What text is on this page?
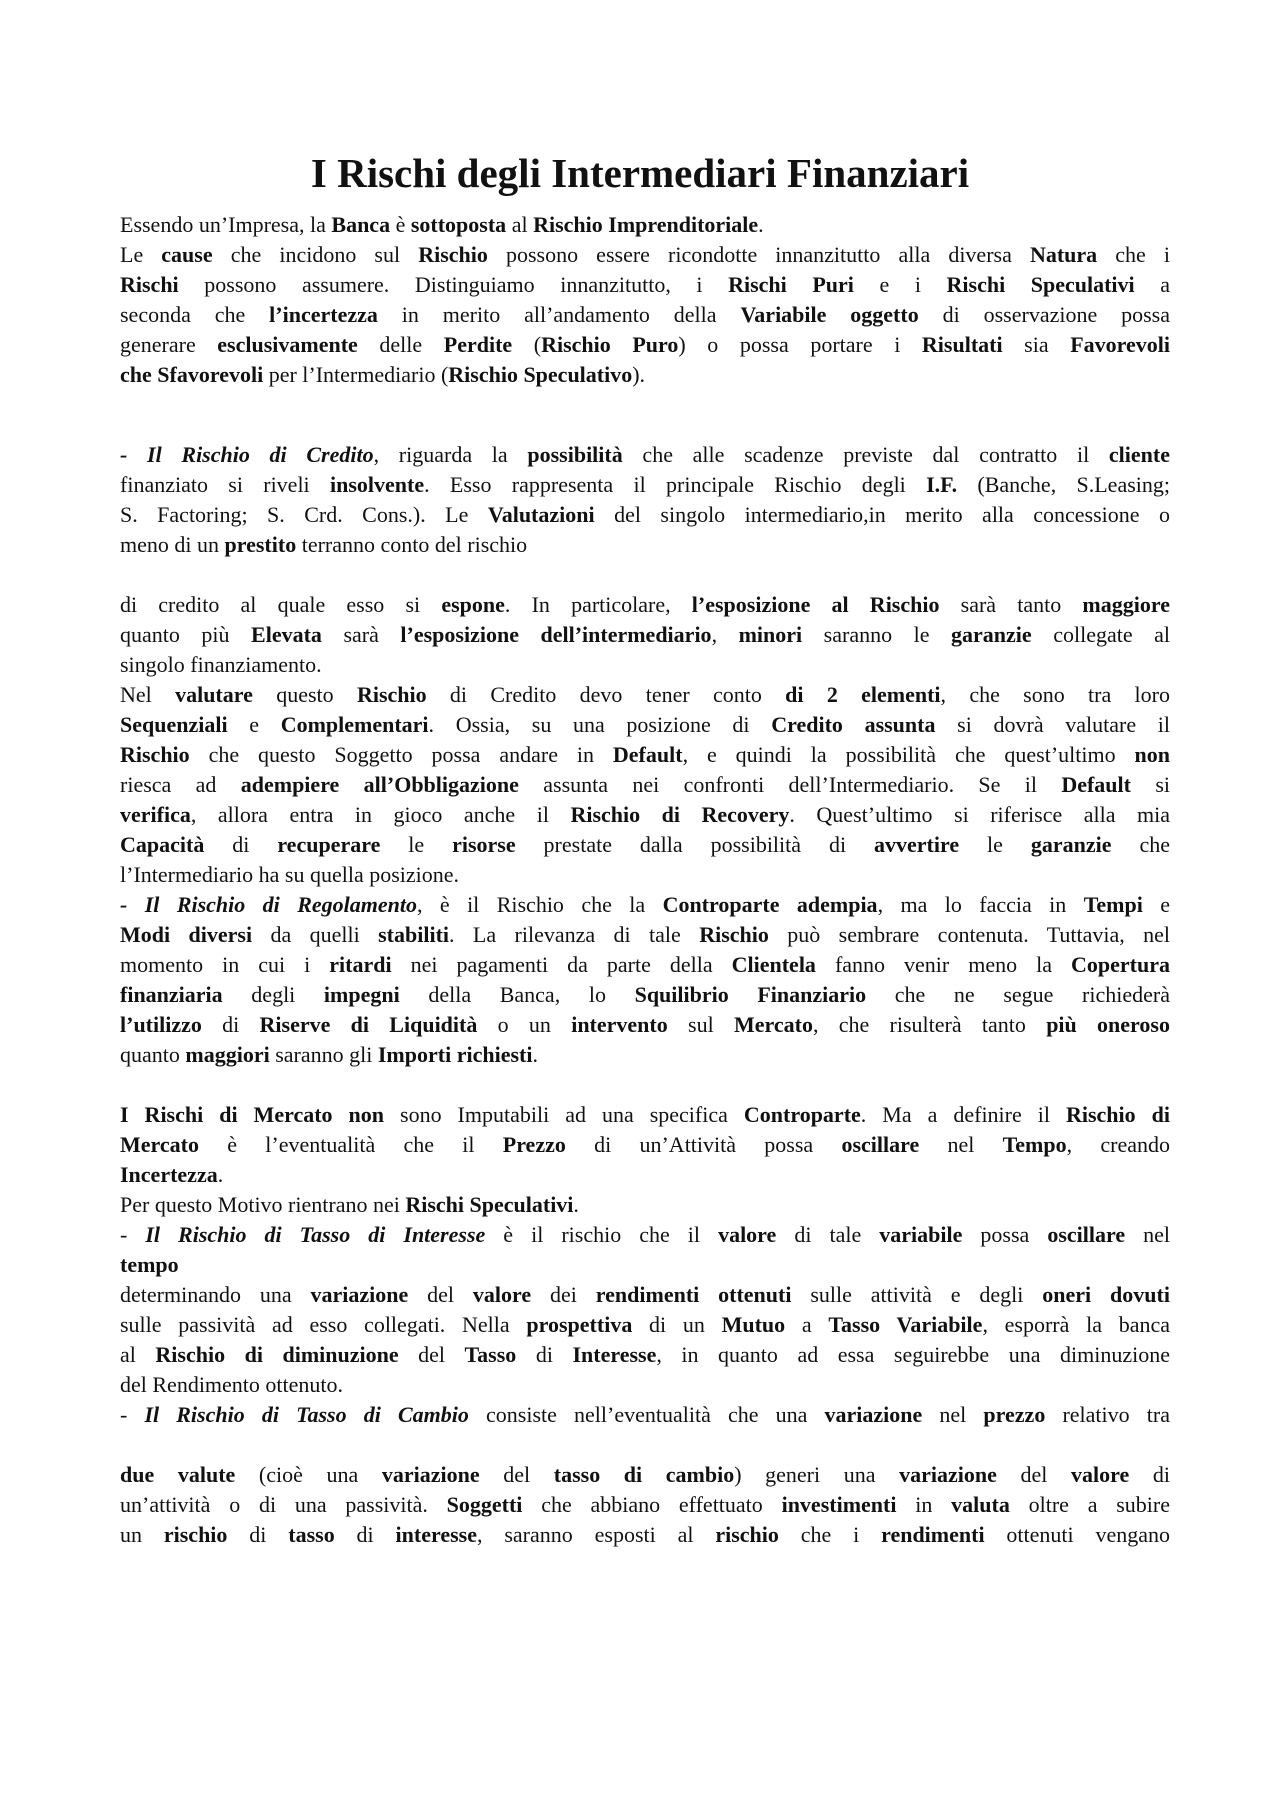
I Rischi degli Intermediari Finanziari
Essendo un’Impresa, la Banca è sottoposta al Rischio Imprenditoriale.
Le cause che incidono sul Rischio possono essere ricondotte innanzitutto alla diversa Natura che i
Rischi possono assumere. Distinguiamo innanzitutto, i Rischi Puri e i Rischi Speculativi a
seconda che l’incertezza in merito all’andamento della Variabile oggetto di osservazione possa
generare esclusivamente delle Perdite (Rischio Puro) o possa portare i Risultati sia Favorevoli
che Sfavorevoli per l’Intermediario (Rischio Speculativo).
- Il Rischio di Credito, riguarda la possibilità che alle scadenze previste dal contratto il cliente
finanziato si riveli insolvente. Esso rappresenta il principale Rischio degli I.F. (Banche, S.Leasing;
S. Factoring; S. Crd. Cons.). Le Valutazioni del singolo intermediario,in merito alla concessione o
meno di un prestito terranno conto del rischio
di credito al quale esso si espone. In particolare, l’esposizione al Rischio sarà tanto maggiore
quanto più Elevata sarà l’esposizione dell’intermediario, minori saranno le garanzie collegate al
singolo finanziamento.
Nel valutare questo Rischio di Credito devo tener conto di 2 elementi, che sono tra loro
Sequenziali e Complementari. Ossia, su una posizione di Credito assunta si dovrà valutare il
Rischio che questo Soggetto possa andare in Default, e quindi la possibilità che quest’ultimo non
riesca ad adempiere all’Obbligazione assunta nei confronti dell’Intermediario. Se il Default si
verifica, allora entra in gioco anche il Rischio di Recovery. Quest’ultimo si riferisce alla mia
Capacità di recuperare le risorse prestate dalla possibilità di avvertire le garanzie che
l’Intermediario ha su quella posizione.
- Il Rischio di Regolamento, è il Rischio che la Controparte adempia, ma lo faccia in Tempi e
Modi diversi da quelli stabiliti. La rilevanza di tale Rischio può sembrare contenuta. Tuttavia, nel
momento in cui i ritardi nei pagamenti da parte della Clientela fanno venir meno la Copertura
finanziaria degli impegni della Banca, lo Squilibrio Finanziario che ne segue richiederà
l’utilizzo di Riserve di Liquidità o un intervento sul Mercato, che risulterà tanto più oneroso
quanto maggiori saranno gli Importi richiesti.
I Rischi di Mercato non sono Imputabili ad una specifica Controparte. Ma a definire il Rischio di
Mercato è l’eventualità che il Prezzo di un’Attività possa oscillare nel Tempo, creando
Incertezza.
Per questo Motivo rientrano nei Rischi Speculativi.
- Il Rischio di Tasso di Interesse è il rischio che il valore di tale variabile possa oscillare nel
tempo
determinando una variazione del valore dei rendimenti ottenuti sulle attività e degli oneri dovuti
sulle passività ad esso collegati. Nella prospettiva di un Mutuo a Tasso Variabile, esporrà la banca
al Rischio di diminuzione del Tasso di Interesse, in quanto ad essa seguirebbe una diminuzione
del Rendimento ottenuto.
- Il Rischio di Tasso di Cambio consiste nell’eventualità che una variazione nel prezzo relativo tra
due valute (cioè una variazione del tasso di cambio) generi una variazione del valore di
un’attività o di una passività. Soggetti che abbiano effettuato investimenti in valuta oltre a subire
un rischio di tasso di interesse, saranno esposti al rischio che i rendimenti ottenuti vengano
